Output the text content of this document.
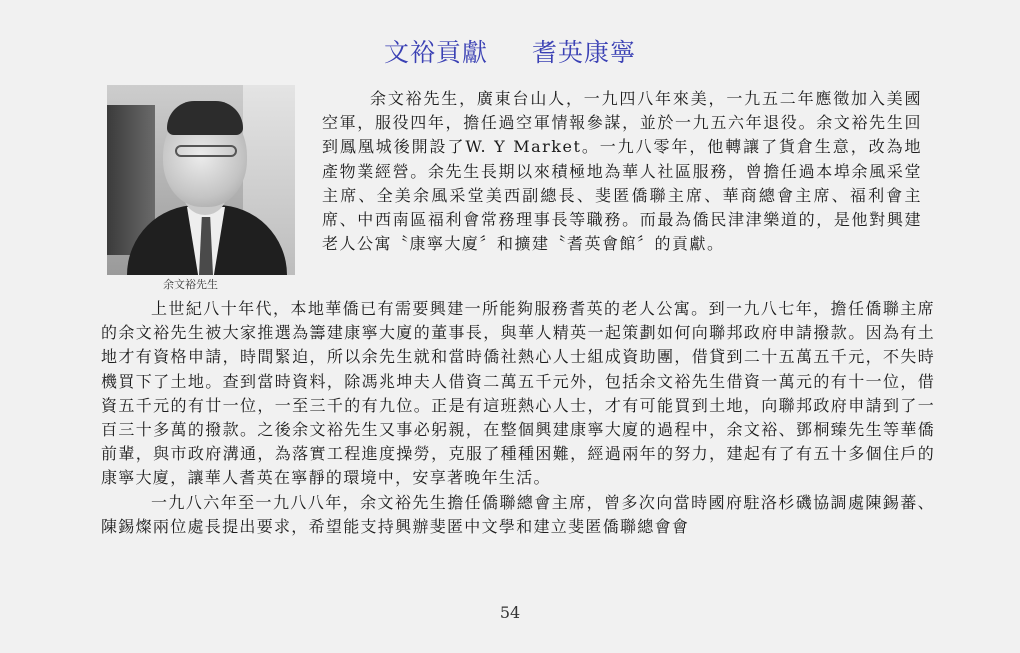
文裕貢獻 耆英康寧
余文裕先生

余文裕先生，廣東台山人，一九四八年來美，一九五二年應徵加入美國空軍，服役四年，擔任過空軍情報參謀，並於一九五六年退役。余文裕先生回到鳳凰城後開設了W. Y Market。一九八零年，他轉讓了貨倉生意，改為地產物業經營。余先生長期以來積極地為華人社區服務，曾擔任過本埠余風采堂主席、全美余風采堂美西副總長、斐匿僑聯主席、華商總會主席、福利會主席、中西南區福利會常務理事長等職務。而最為僑民津津樂道的，是他對興建老人公寓〝康寧大廈〞和擴建〝耆英會館〞的貢獻。

上世紀八十年代，本地華僑已有需要興建一所能夠服務耆英的老人公寓。到一九八七年，擔任僑聯主席的余文裕先生被大家推選為籌建康寧大廈的董事長，與華人精英一起策劃如何向聯邦政府申請撥款。因為有土地才有資格申請，時間緊迫，所以余先生就和當時僑社熱心人士組成資助團，借貸到二十五萬五千元，不失時機買下了土地。查到當時資料，除馮兆坤夫人借資二萬五千元外，包括余文裕先生借資一萬元的有十一位，借資五千元的有廿一位，一至三千的有九位。正是有這班熱心人士，才有可能買到土地，向聯邦政府申請到了一百三十多萬的撥款。之後余文裕先生又事必躬親，在整個興建康寧大廈的過程中，余文裕、鄧桐臻先生等華僑前輩，與市政府溝通，為落實工程進度操勞，克服了種種困難，經過兩年的努力，建起有了有五十多個住戶的康寧大廈，讓華人耆英在寧靜的環境中，安享著晚年生活。

一九八六年至一九八八年，余文裕先生擔任僑聯總會主席，曾多次向當時國府駐洛杉磯協調處陳錫蕃、陳錫燦兩位處長提出要求，希望能支持興辦斐匿中文學和建立斐匿僑聯總會會

54
